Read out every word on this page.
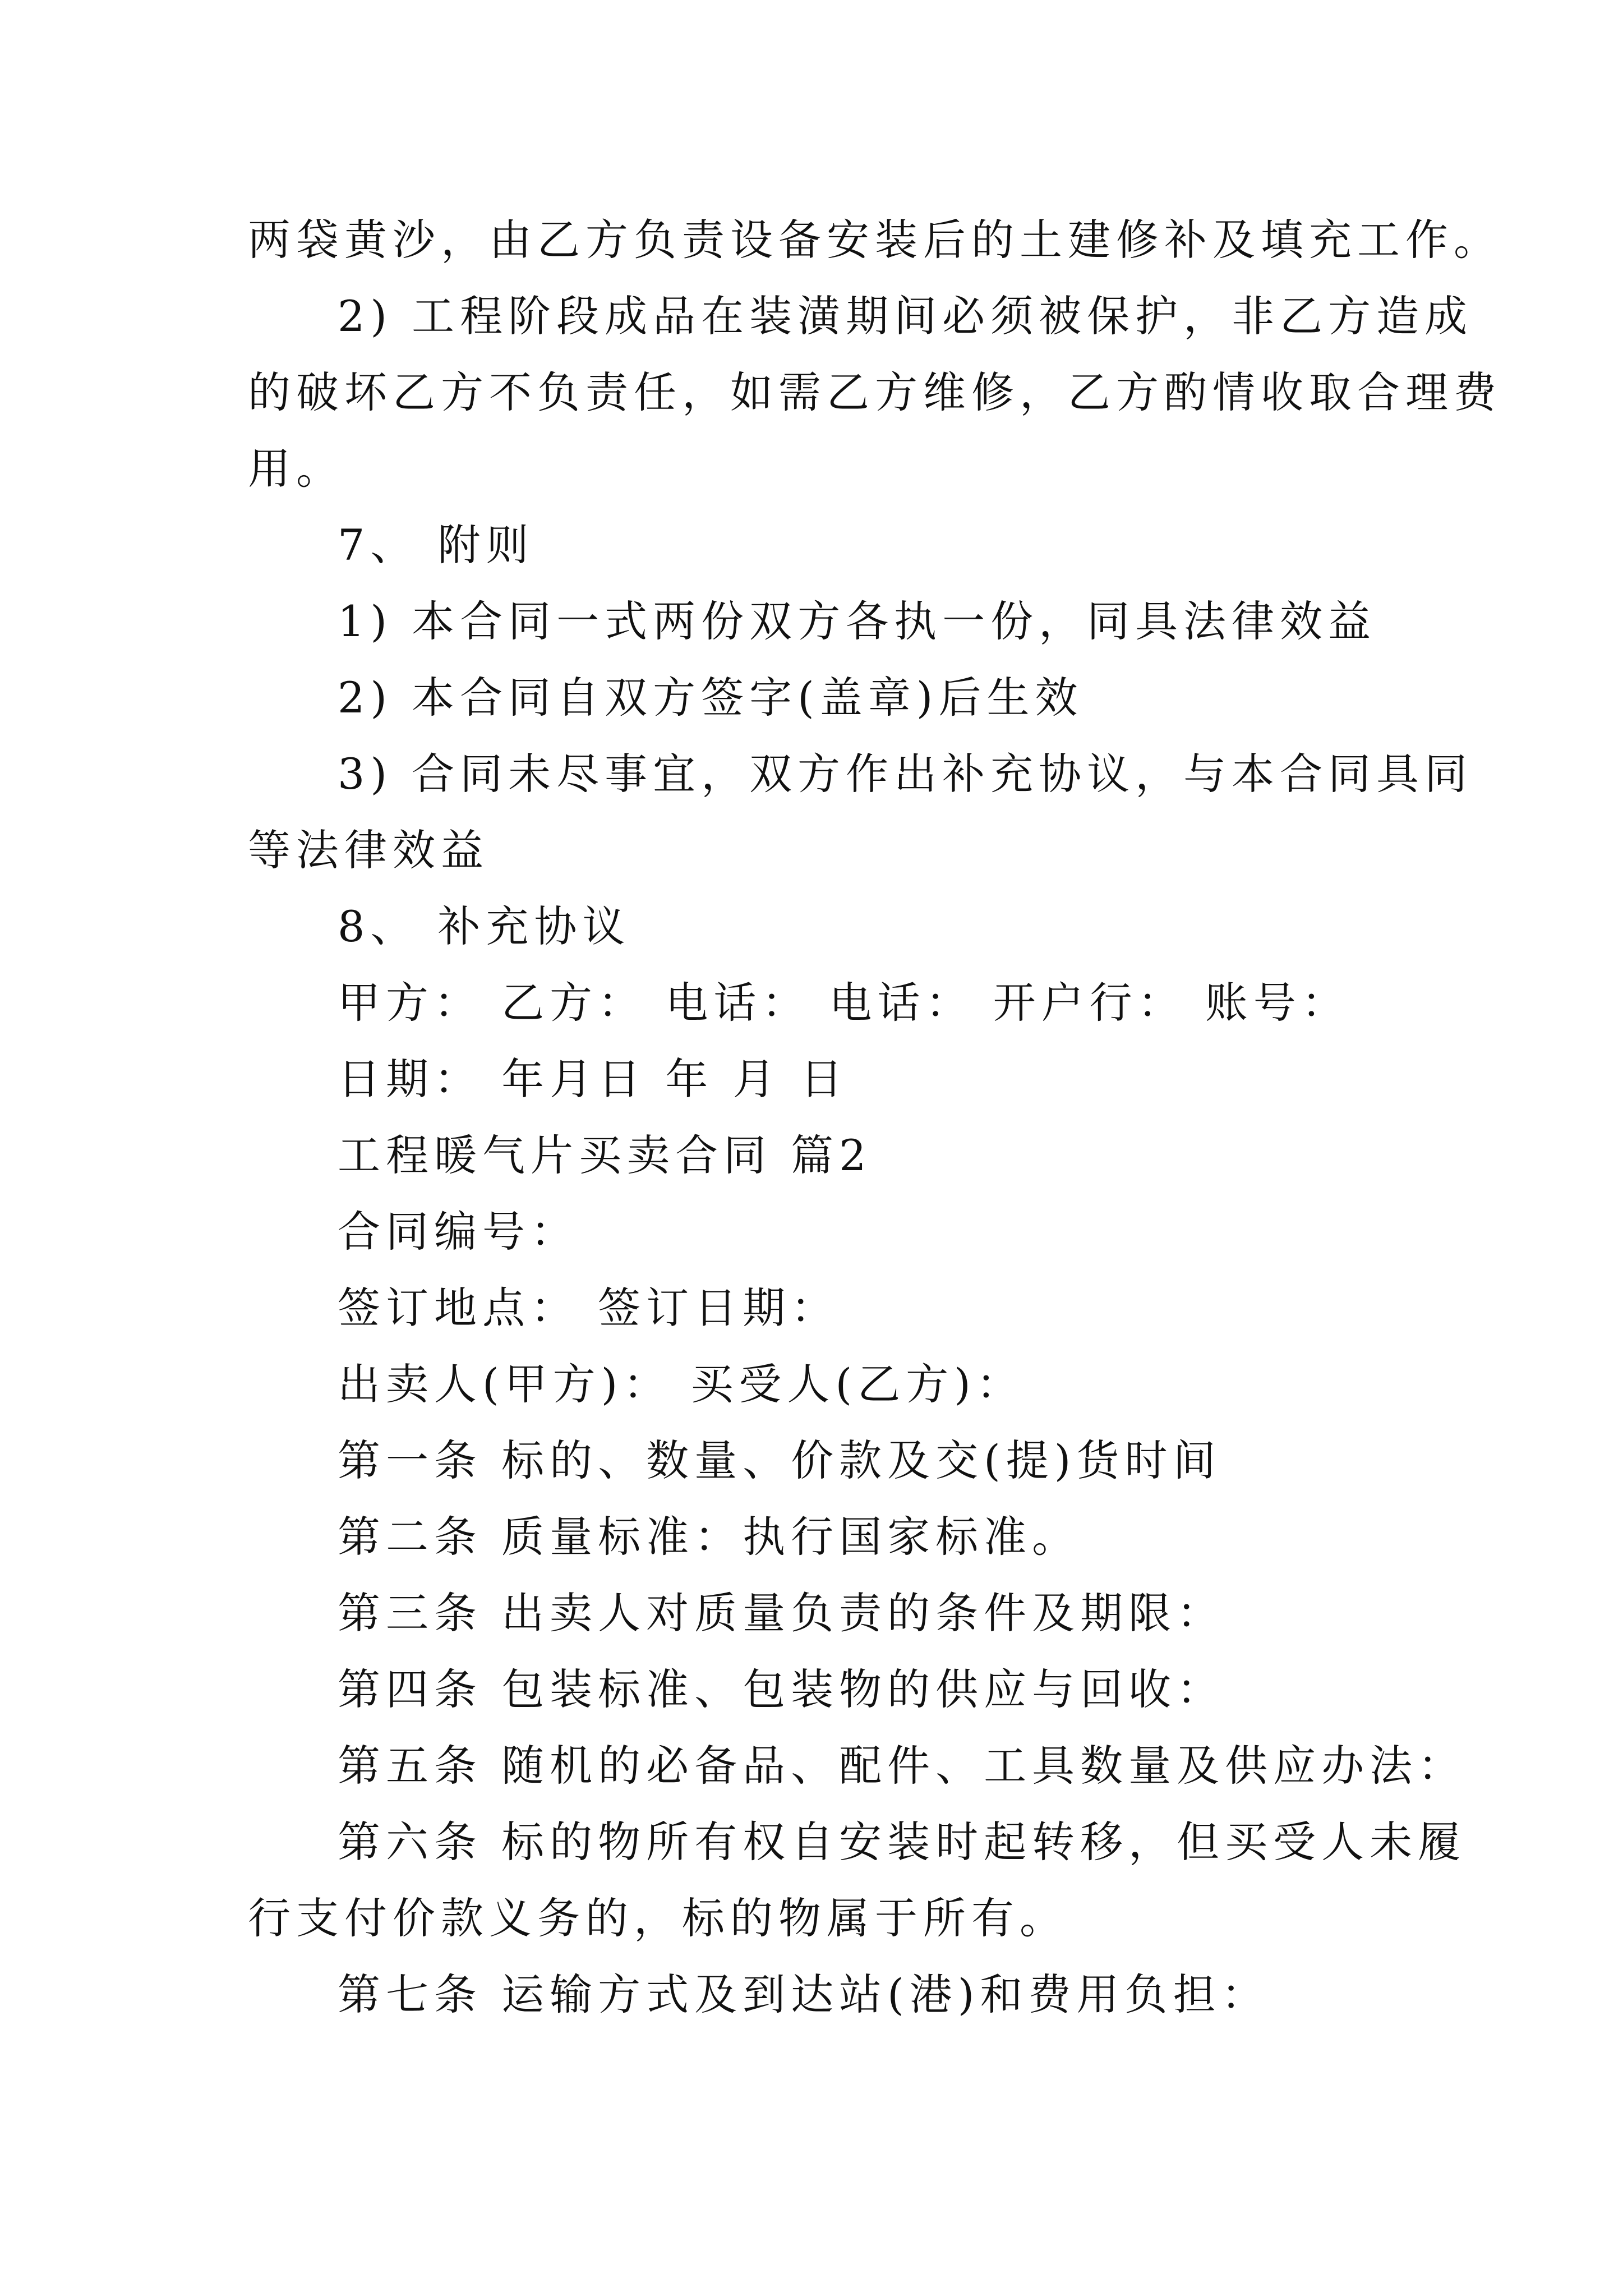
两袋黄沙，由乙方负责设备安装后的土建修补及填充工作。
2) 工程阶段成品在装潢期间必须被保护，非乙方造成
的破坏乙方不负责任，如需乙方维修，乙方酌情收取合理费
用。
7、 附则
1) 本合同一式两份双方各执一份，同具法律效益
2) 本合同自双方签字(盖章)后生效
3) 合同未尽事宜，双方作出补充协议，与本合同具同
等法律效益
8、 补充协议
甲方： 乙方： 电话： 电话： 开户行： 账号：
日期： 年月日 年 月 日
工程暖气片买卖合同 篇2
合同编号：
签订地点： 签订日期：
出卖人(甲方)： 买受人(乙方)：
第一条 标的、数量、价款及交(提)货时间
第二条 质量标准：执行国家标准。
第三条 出卖人对质量负责的条件及期限：
第四条 包装标准、包装物的供应与回收：
第五条 随机的必备品、配件、工具数量及供应办法：
第六条 标的物所有权自安装时起转移，但买受人未履
行支付价款义务的，标的物属于所有。
第七条 运输方式及到达站(港)和费用负担：
